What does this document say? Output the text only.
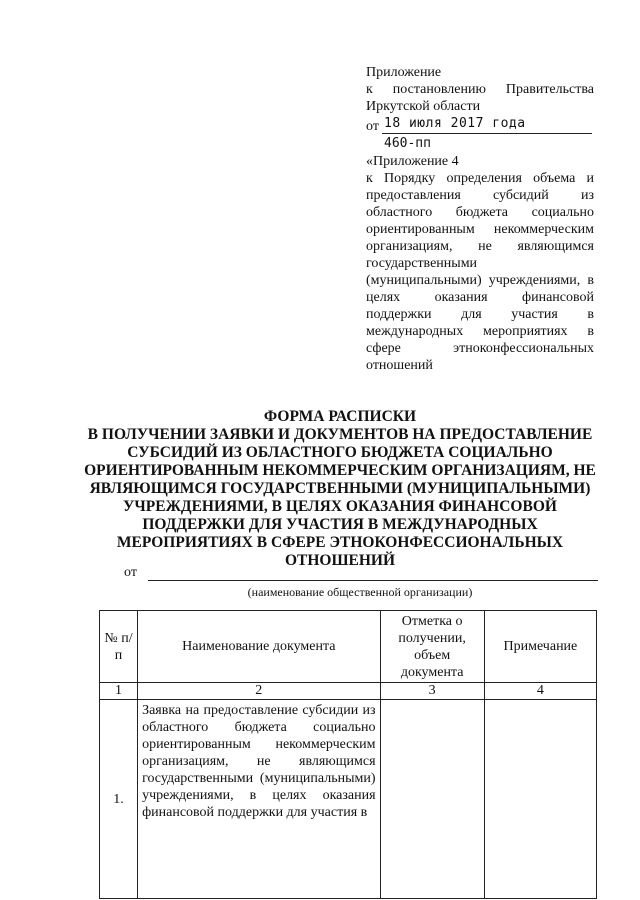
Приложение
к постановлению Правительства
Иркутской области
от 18 июля 2017 года
460-пп
«Приложение 4

к Порядку определения объема и предоставления субсидий из областного бюджета социально ориентированным некоммерческим организациям, не являющимся государственными (муниципальными) учреждениями, в целях оказания финансовой поддержки для участия в международных мероприятиях в сфере этноконфессиональных отношений

ФОРМА РАСПИСКИ
В ПОЛУЧЕНИИ ЗАЯВКИ И ДОКУМЕНТОВ НА ПРЕДОСТАВЛЕНИЕ
СУБСИДИЙ ИЗ ОБЛАСТНОГО БЮДЖЕТА СОЦИАЛЬНО
ОРИЕНТИРОВАННЫМ НЕКОММЕРЧЕСКИМ ОРГАНИЗАЦИЯМ, НЕ
ЯВЛЯЮЩИМСЯ ГОСУДАРСТВЕННЫМИ (МУНИЦИПАЛЬНЫМИ)
УЧРЕЖДЕНИЯМИ, В ЦЕЛЯХ ОКАЗАНИЯ ФИНАНСОВОЙ
ПОДДЕРЖКИ ДЛЯ УЧАСТИЯ В МЕЖДУНАРОДНЫХ
МЕРОПРИЯТИЯХ В СФЕРЕ ЭТНОКОНФЕССИОНАЛЬНЫХ
ОТНОШЕНИЙ
от
(наименование общественной организации)
№ п/п	Наименование документа	Отметка о получении, объем документа	Примечание
1	2	3	4
1.	Заявка на предоставление субсидии из областного бюджета социально ориентированным некоммерческим организациям, не являющимся государственными (муниципальными) учреждениями, в целях оказания финансовой поддержки для участия в		
